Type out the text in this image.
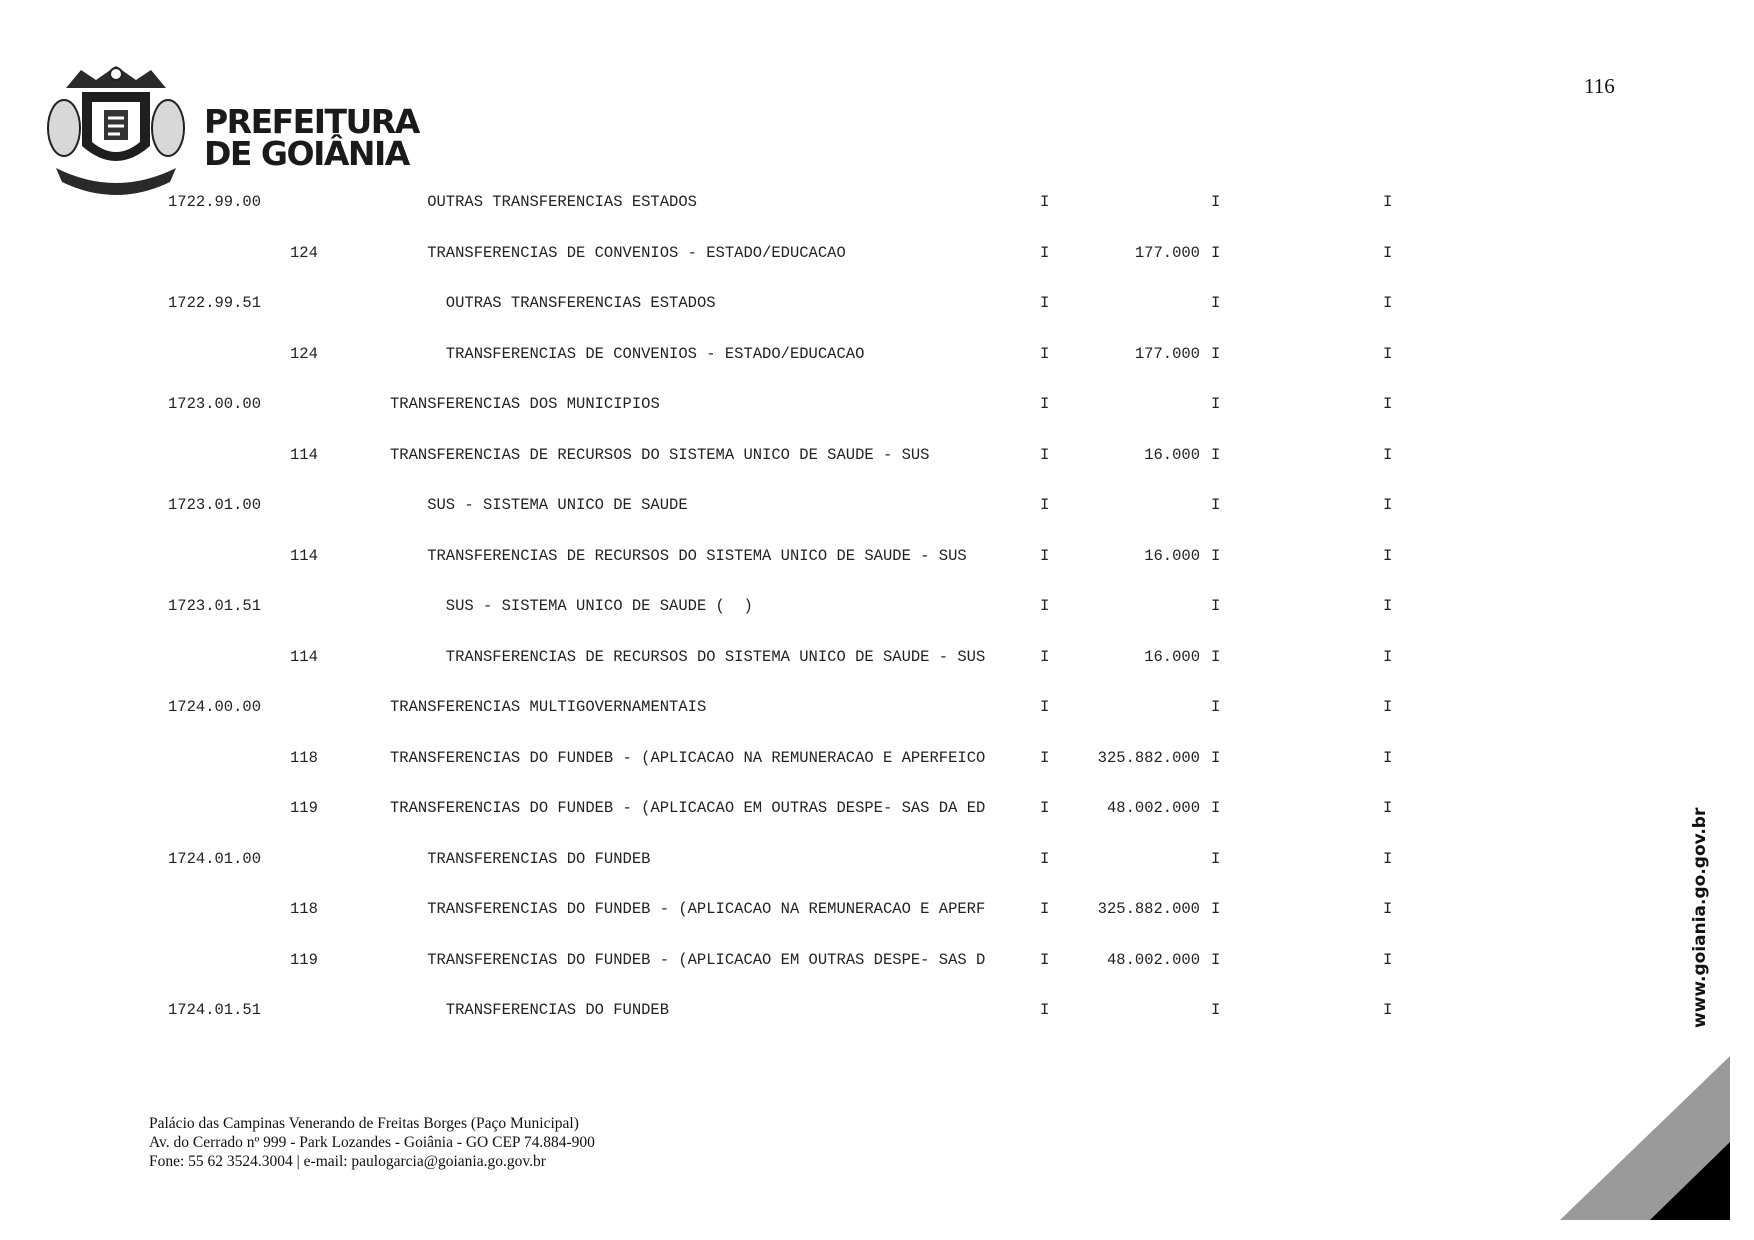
116
PREFEITURA
DE GOIÂNIA
1722.99.00	OUTRAS TRANSFERENCIAS ESTADOS	I	I	I
124	TRANSFERENCIAS DE CONVENIOS - ESTADO/EDUCACAO	I	177.000 I	I
1722.99.51	OUTRAS TRANSFERENCIAS ESTADOS	I	I	I
124	TRANSFERENCIAS DE CONVENIOS - ESTADO/EDUCACAO	I	177.000 I	I
1723.00.00	TRANSFERENCIAS DOS MUNICIPIOS	I	I	I
114	TRANSFERENCIAS DE RECURSOS DO SISTEMA UNICO DE SAUDE - SUS	I	16.000 I	I
1723.01.00	SUS - SISTEMA UNICO DE SAUDE	I	I	I
114	TRANSFERENCIAS DE RECURSOS DO SISTEMA UNICO DE SAUDE - SUS	I	16.000 I	I
1723.01.51	SUS - SISTEMA UNICO DE SAUDE (  )	I	I	I
114	TRANSFERENCIAS DE RECURSOS DO SISTEMA UNICO DE SAUDE - SUS	I	16.000 I	I
1724.00.00	TRANSFERENCIAS MULTIGOVERNAMENTAIS	I	I	I
118	TRANSFERENCIAS DO FUNDEB - (APLICACAO NA REMUNERACAO E APERFEICO	I	325.882.000 I	I
119	TRANSFERENCIAS DO FUNDEB - (APLICACAO EM OUTRAS DESPE- SAS DA ED	I	48.002.000 I	I
1724.01.00	TRANSFERENCIAS DO FUNDEB	I	I	I
118	TRANSFERENCIAS DO FUNDEB - (APLICACAO NA REMUNERACAO E APERF	I	325.882.000 I	I
119	TRANSFERENCIAS DO FUNDEB - (APLICACAO EM OUTRAS DESPE- SAS D	I	48.002.000 I	I
1724.01.51	TRANSFERENCIAS DO FUNDEB	I	I	I
Palácio das Campinas Venerando de Freitas Borges (Paço Municipal)
Av. do Cerrado nº 999 - Park Lozandes - Goiânia - GO CEP 74.884-900
Fone: 55 62 3524.3004 | e-mail: paulogarcia@goiania.go.gov.br
www.goiania.go.gov.br
